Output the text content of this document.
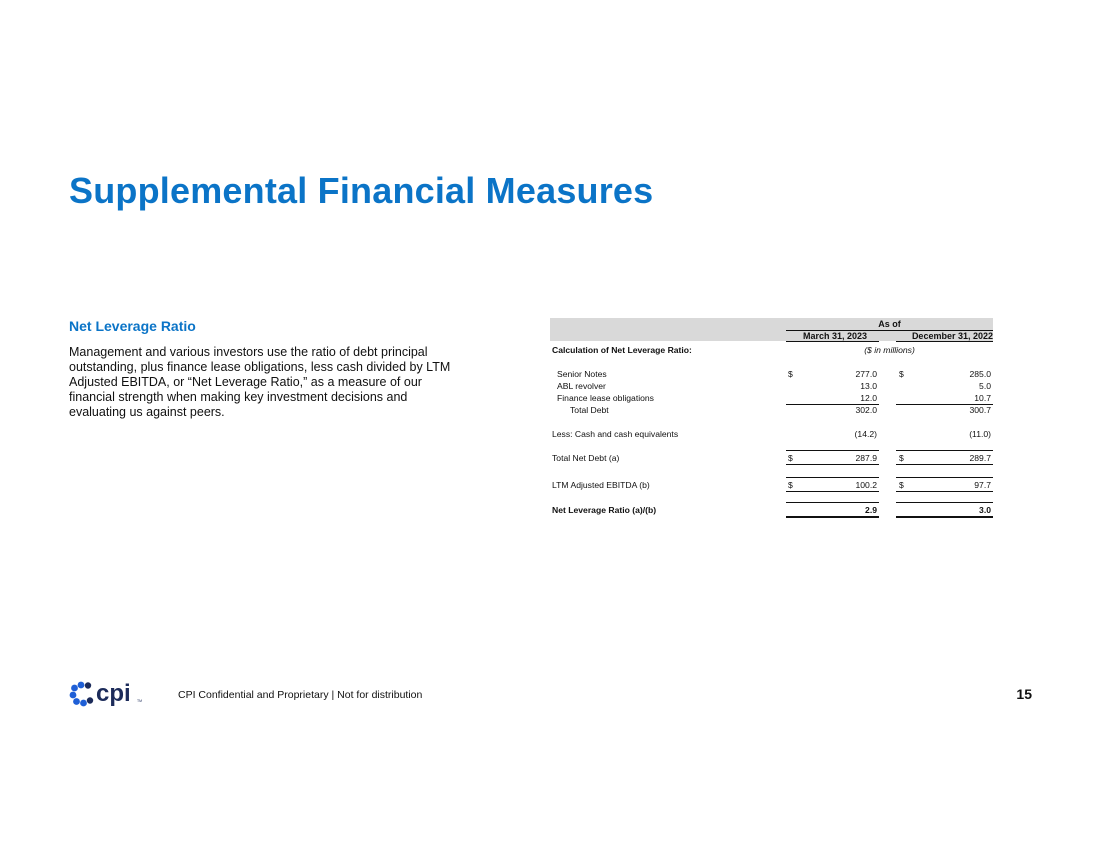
Supplemental Financial Measures
Net Leverage Ratio

Management and various investors use the ratio of debt principal outstanding, plus finance lease obligations, less cash divided by LTM Adjusted EBITDA, or “Net Leverage Ratio,” as a measure of our financial strength when making key investment decisions and evaluating us against peers.

As of
March 31, 2023	December 31, 2022
Calculation of Net Leverage Ratio:	($ in millions)
Senior Notes	$	277.0	$	285.0
ABL revolver	13.0	5.0
Finance lease obligations	12.0	10.7
Total Debt	302.0	300.7
Less: Cash and cash equivalents	(14.2)	(11.0)
Total Net Debt (a)	$	287.9	$	289.7
LTM Adjusted EBITDA (b)	$	100.2	$	97.7
Net Leverage Ratio (a)/(b)	2.9	3.0
cpi TM	CPI Confidential and Proprietary | Not for distribution	15
